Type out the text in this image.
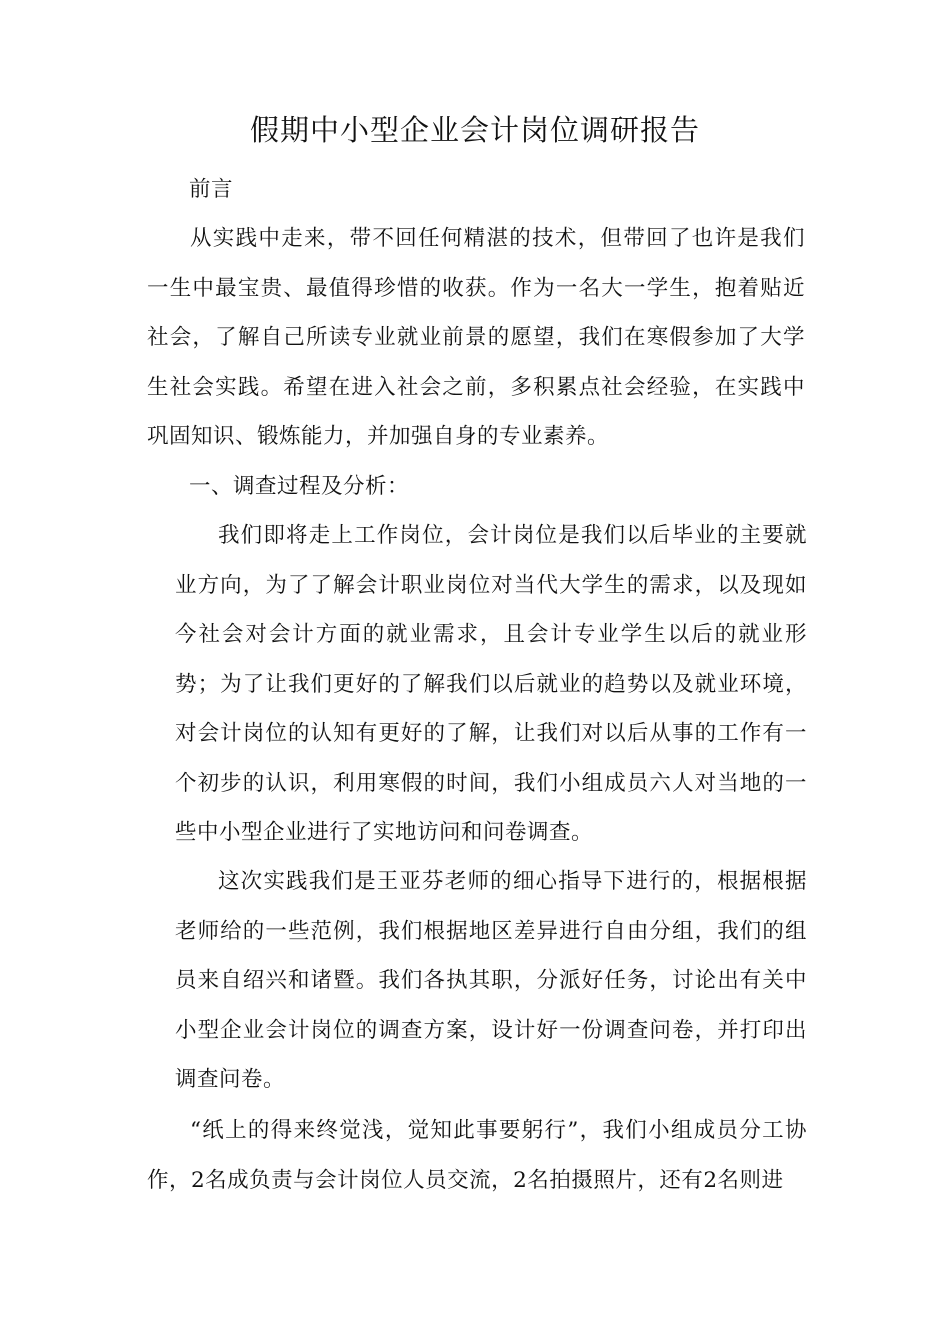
假期中小型企业会计岗位调研报告

前言

从实践中走来，带不回任何精湛的技术，但带回了也许是我们一生中最宝贵、最值得珍惜的收获。作为一名大一学生，抱着贴近社会，了解自己所读专业就业前景的愿望，我们在寒假参加了大学生社会实践。希望在进入社会之前，多积累点社会经验，在实践中巩固知识、锻炼能力，并加强自身的专业素养。

一、调查过程及分析：

我们即将走上工作岗位，会计岗位是我们以后毕业的主要就业方向，为了了解会计职业岗位对当代大学生的需求，以及现如今社会对会计方面的就业需求，且会计专业学生以后的就业形势；为了让我们更好的了解我们以后就业的趋势以及就业环境，对会计岗位的认知有更好的了解，让我们对以后从事的工作有一个初步的认识，利用寒假的时间，我们小组成员六人对当地的一些中小型企业进行了实地访问和问卷调查。

这次实践我们是王亚芬老师的细心指导下进行的，根据根据老师给的一些范例，我们根据地区差异进行自由分组，我们的组员来自绍兴和诸暨。我们各执其职，分派好任务，讨论出有关中小型企业会计岗位的调查方案，设计好一份调查问卷，并打印出调查问卷。

“纸上的得来终觉浅，觉知此事要躬行”，我们小组成员分工协作，2名成负责与会计岗位人员交流，2名拍摄照片，还有2名则进
